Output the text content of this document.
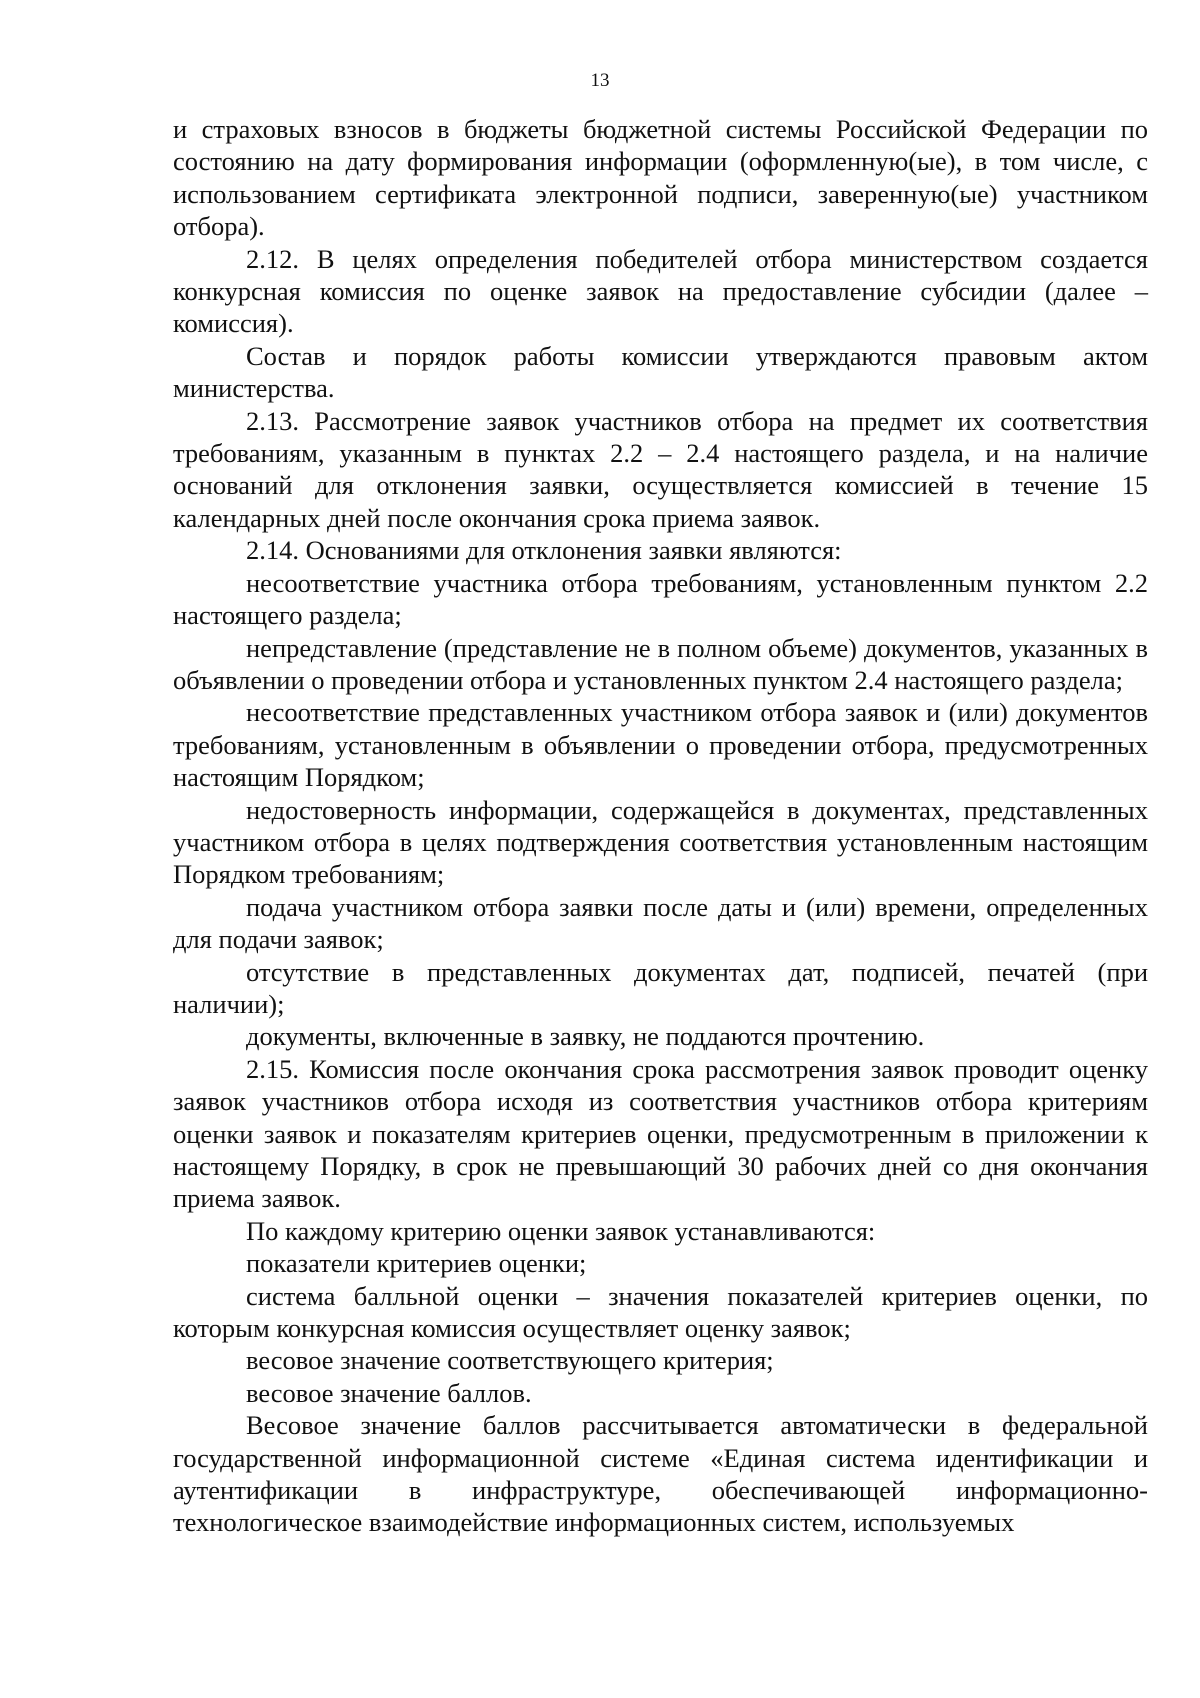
13

и страховых взносов в бюджеты бюджетной системы Российской Федерации по состоянию на дату формирования информации (оформленную(ые), в том числе, с использованием сертификата электронной подписи, заверенную(ые) участником отбора).

2.12. В целях определения победителей отбора министерством создается конкурсная комиссия по оценке заявок на предоставление субсидии (далее – комиссия).

Состав и порядок работы комиссии утверждаются правовым актом министерства.

2.13. Рассмотрение заявок участников отбора на предмет их соответствия требованиям, указанным в пунктах 2.2 – 2.4 настоящего раздела, и на наличие оснований для отклонения заявки, осуществляется комиссией в течение 15 календарных дней после окончания срока приема заявок.

2.14. Основаниями для отклонения заявки являются:

несоответствие участника отбора требованиям, установленным пунктом 2.2 настоящего раздела;

непредставление (представление не в полном объеме) документов, указанных в объявлении о проведении отбора и установленных пунктом 2.4 настоящего раздела;

несоответствие представленных участником отбора заявок и (или) документов требованиям, установленным в объявлении о проведении отбора, предусмотренных настоящим Порядком;

недостоверность информации, содержащейся в документах, представленных участником отбора в целях подтверждения соответствия установленным настоящим Порядком требованиям;

подача участником отбора заявки после даты и (или) времени, определенных для подачи заявок;

отсутствие в представленных документах дат, подписей, печатей (при наличии);

документы, включенные в заявку, не поддаются прочтению.

2.15. Комиссия после окончания срока рассмотрения заявок проводит оценку заявок участников отбора исходя из соответствия участников отбора критериям оценки заявок и показателям критериев оценки, предусмотренным в приложении к настоящему Порядку, в срок не превышающий 30 рабочих дней со дня окончания приема заявок.

По каждому критерию оценки заявок устанавливаются:

показатели критериев оценки;

система балльной оценки – значения показателей критериев оценки, по которым конкурсная комиссия осуществляет оценку заявок;

весовое значение соответствующего критерия;

весовое значение баллов.

Весовое значение баллов рассчитывается автоматически в федеральной государственной информационной системе «Единая система идентификации и аутентификации в инфраструктуре, обеспечивающей информационно-технологическое взаимодействие информационных систем, используемых
